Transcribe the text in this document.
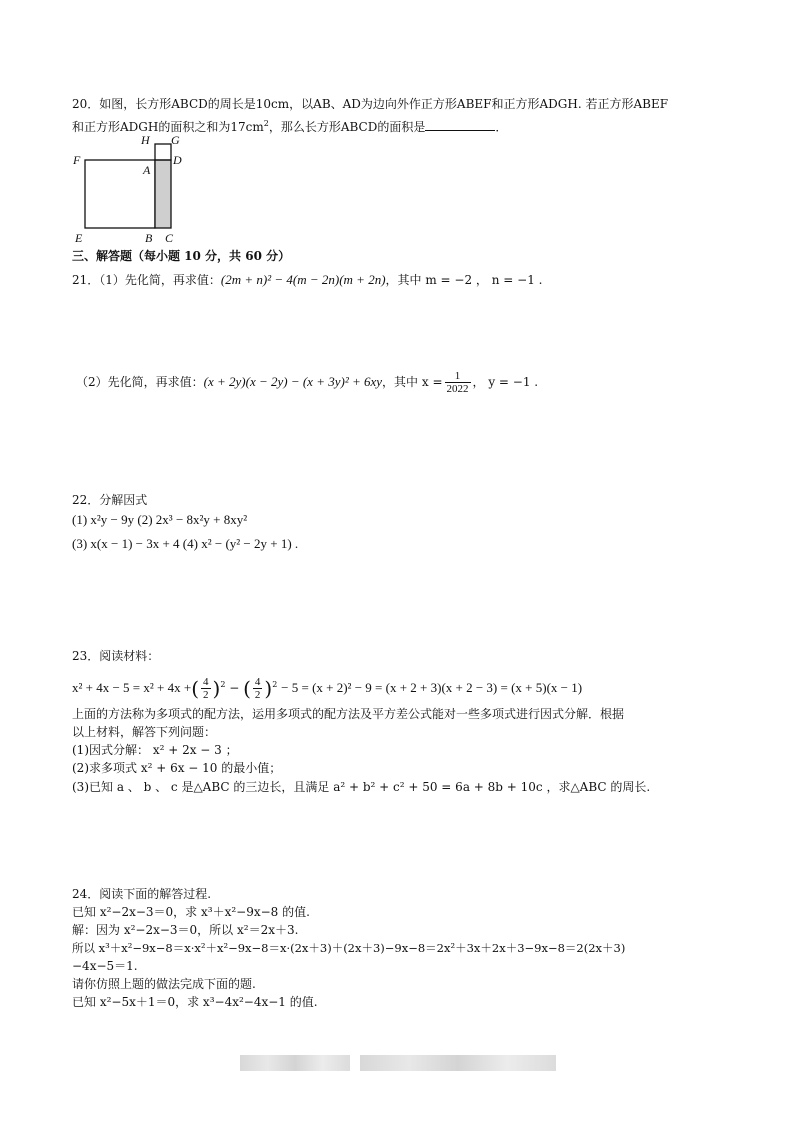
20．如图，长方形ABCD的周长是10cm，以AB、AD为边向外作正方形ABEF和正方形ADGH. 若正方形ABEF
和正方形ADGH的面积之和为$17cm^2$，那么长方形ABCD的面积是	．
H G
F
A
D
E	B C
三、解答题（每小题 10 分，共 60 分）
21．（1）先化简，再求值：(2m + n)² − 4(m − 2n)(m + 2n)，其中 m = −2 ， n = −1 .
（2）先化简，再求值：(x + 2y)(x − 2y) − (x + 3y)² + 6xy，其中 $x = \frac{1}{2022}$ ， y = −1 .
22．分解因式
(1) x²y − 9y (2) 2x³ − 8x²y + 8xy²
(3) x(x − 1) − 3x + 4 (4) x² − (y² − 2y + 1) .
23．阅读材料：
x² + 4x − 5 = x² + 4x +( $\frac{4}{2} )^2$ − ( $\frac{4}{2} )^2 - 5 = (x + 2)^2 - 9 = (x + 2 + 3)(x + 2 - 3) = (x + 5)(x - 1)$
上面的方法称为多项式的配方法，运用多项式的配方法及平方差公式能对一些多项式进行因式分解．根据
以上材料，解答下列问题：
(1)因式分解： x² + 2x − 3 ；
(2)求多项式 x² + 6x − 10 的最小值；
(3)已知 a 、 b 、 c 是△ABC 的三边长，且满足 a² + b² + c² + 50 = 6a + 8b + 10c ，求△ABC 的周长.
24．阅读下面的解答过程.
已知 x²−2x−3＝0，求 x³＋x²−9x−8 的值.
解：因为 x²−2x−3＝0，所以 x²＝2x＋3.
所以 x³＋x²−9x−8＝x·x²＋x²−9x−8＝x·(2x＋3)＋(2x＋3)−9x−8＝2x²＋3x＋2x＋3−9x−8＝2(2x＋3)
−4x−5＝1.
请你仿照上题的做法完成下面的题.
已知 x²−5x＋1＝0，求 x³−4x²−4x−1 的值.
